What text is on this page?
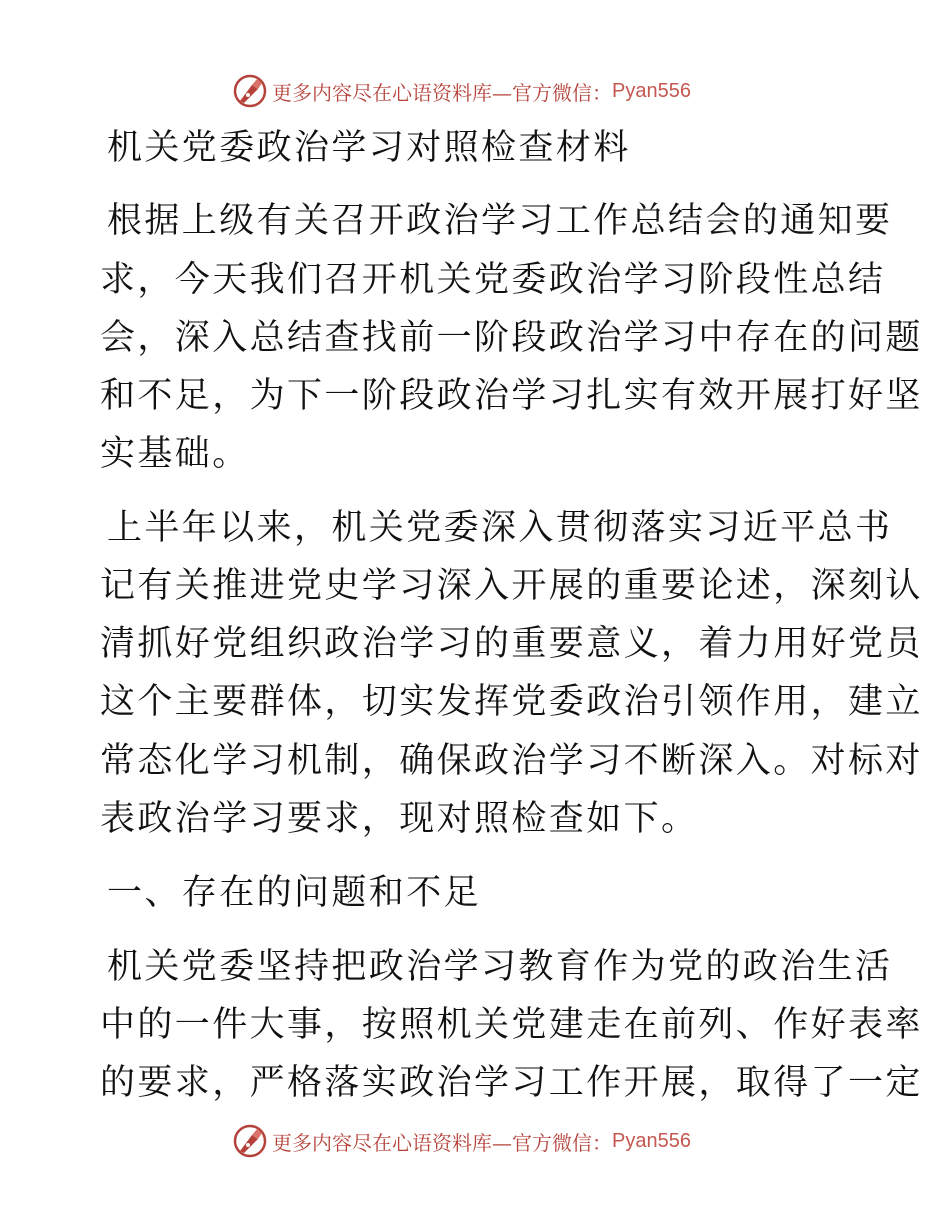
更多内容尽在心语资料库—官方微信： Pyan556
机关党委政治学习对照检查材料
根据上级有关召开政治学习工作总结会的通知要
求，今天我们召开机关党委政治学习阶段性总结
会，深入总结查找前一阶段政治学习中存在的问题
和不足，为下一阶段政治学习扎实有效开展打好坚
实基础。
上半年以来，机关党委深入贯彻落实习近平总书
记有关推进党史学习深入开展的重要论述，深刻认
清抓好党组织政治学习的重要意义，着力用好党员
这个主要群体，切实发挥党委政治引领作用，建立
常态化学习机制，确保政治学习不断深入。对标对
表政治学习要求，现对照检查如下。
一、存在的问题和不足
机关党委坚持把政治学习教育作为党的政治生活
中的一件大事，按照机关党建走在前列、作好表率
的要求，严格落实政治学习工作开展，取得了一定
更多内容尽在心语资料库—官方微信： Pyan556
